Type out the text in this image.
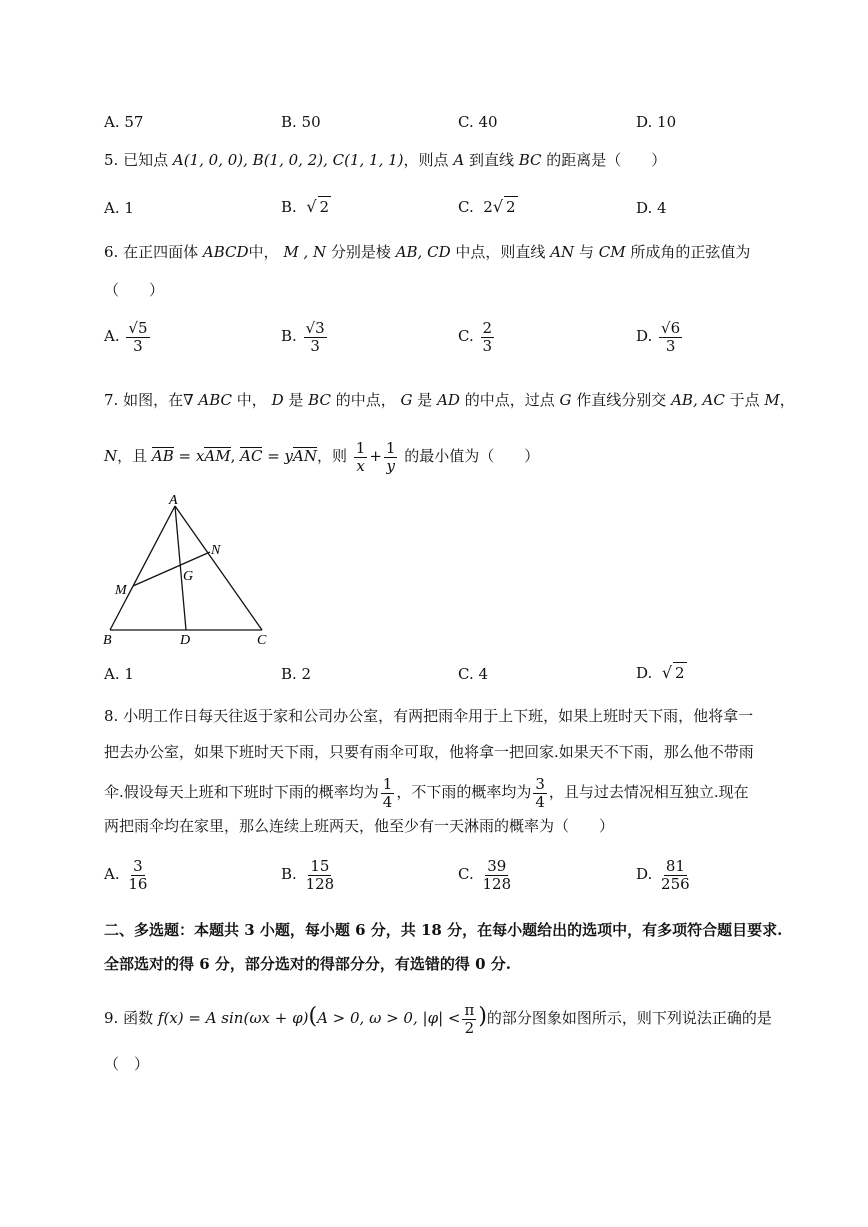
A. 57	B. 50	C. 40	D. 10
5. 已知点 A(1, 0, 0), B(1, 0, 2), C(1, 1, 1)，则点 A 到直线 BC 的距离是（　　）
A. 1	B. √ 2	C. 2√ 2	D. 4
6. 在正四面体 ABCD中， M , N 分别是棱 AB, CD 中点，则直线 AN 与 CM 所成角的正弦值为
（　　）
A. $\frac{√5}{3}$	B. $\frac{√3}{3}$	C. $\frac{2}{3}$	D. $\frac{√6}{3}$
7. 如图，在∇ ABC 中， D 是 BC 的中点， G 是 AD 的中点，过点 G 作直线分别交 AB, AC 于点 M，
N，且 AB = xAM, AC = yAN，则 $\frac{1}{x} + \frac{1}{y}$ 的最小值为（　　）
A
B	C
D
M
N
G
A. 1	B. 2	C. 4	D. √ 2
8. 小明工作日每天往返于家和公司办公室，有两把雨伞用于上下班，如果上班时天下雨，他将拿一
把去办公室，如果下班时天下雨，只要有雨伞可取，他将拿一把回家.如果天不下雨，那么他不带雨
伞.假设每天上班和下班时下雨的概率均为 $\frac{1}{4}$ ，不下雨的概率均为 $\frac{3}{4}$ ，且与过去情况相互独立.现在
两把雨伞均在家里，那么连续上班两天，他至少有一天淋雨的概率为（　　）
A. $\frac{3}{16}$	B. $\frac{15}{128}$	C. $\frac{39}{128}$	D. $\frac{81}{256}$
二、多选题：本题共 3 小题，每小题 6 分，共 18 分，在每小题给出的选项中，有多项符合题目要求.
全部选对的得 6 分，部分选对的得部分分，有选错的得 0 分.
9. 函数 f(x) = A sin(ωx + φ)(A > 0, ω > 0, $|\varphi| < \frac{\pi}{2}$ )的部分图象如图所示，则下列说法正确的是
（　）
